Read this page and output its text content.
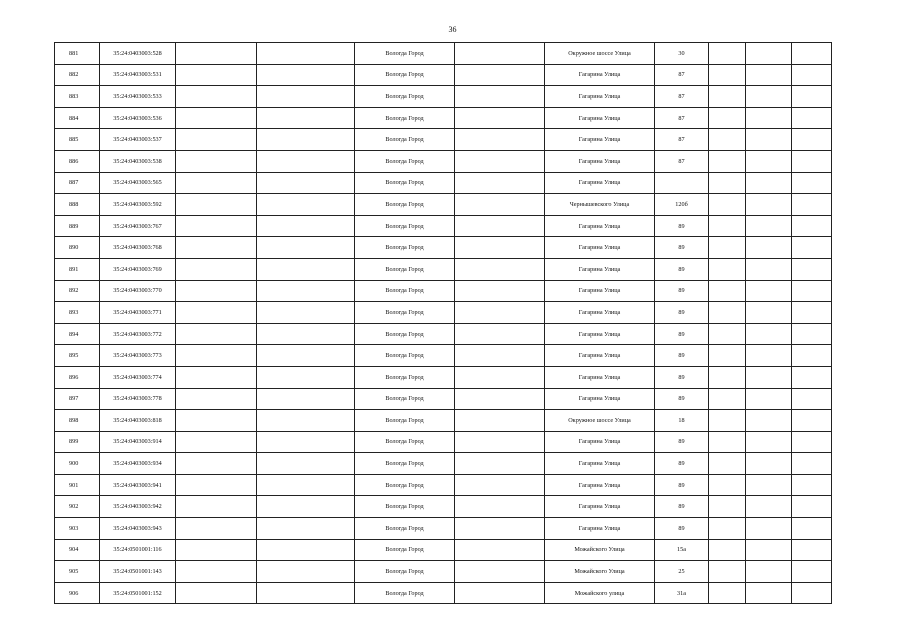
36
881	35:24:0403003:528			Вологда Город		Окружное шоссе Улица	30			
882	35:24:0403003:531			Вологда Город		Гагарина Улица	87			
883	35:24:0403003:533			Вологда Город		Гагарина Улица	87			
884	35:24:0403003:536			Вологда Город		Гагарина Улица	87			
885	35:24:0403003:537			Вологда Город		Гагарина Улица	87			
886	35:24:0403003:538			Вологда Город		Гагарина Улица	87			
887	35:24:0403003:565			Вологда Город		Гагарина Улица				
888	35:24:0403003:592			Вологда Город		Чернышевского Улица	120б			
889	35:24:0403003:767			Вологда Город		Гагарина Улица	89			
890	35:24:0403003:768			Вологда Город		Гагарина Улица	89			
891	35:24:0403003:769			Вологда Город		Гагарина Улица	89			
892	35:24:0403003:770			Вологда Город		Гагарина Улица	89			
893	35:24:0403003:771			Вологда Город		Гагарина Улица	89			
894	35:24:0403003:772			Вологда Город		Гагарина Улица	89			
895	35:24:0403003:773			Вологда Город		Гагарина Улица	89			
896	35:24:0403003:774			Вологда Город		Гагарина Улица	89			
897	35:24:0403003:778			Вологда Город		Гагарина Улица	89			
898	35:24:0403003:818			Вологда Город		Окружное шоссе Улица	18			
899	35:24:0403003:914			Вологда Город		Гагарина Улица	89			
900	35:24:0403003:934			Вологда Город		Гагарина Улица	89			
901	35:24:0403003:941			Вологда Город		Гагарина Улица	89			
902	35:24:0403003:942			Вологда Город		Гагарина Улица	89			
903	35:24:0403003:943			Вологда Город		Гагарина Улица	89			
904	35:24:0501001:116			Вологда Город		Можайского Улица	15а			
905	35:24:0501001:143			Вологда Город		Можайского Улица	25			
906	35:24:0501001:152			Вологда Город		Можайского улица	31а			
